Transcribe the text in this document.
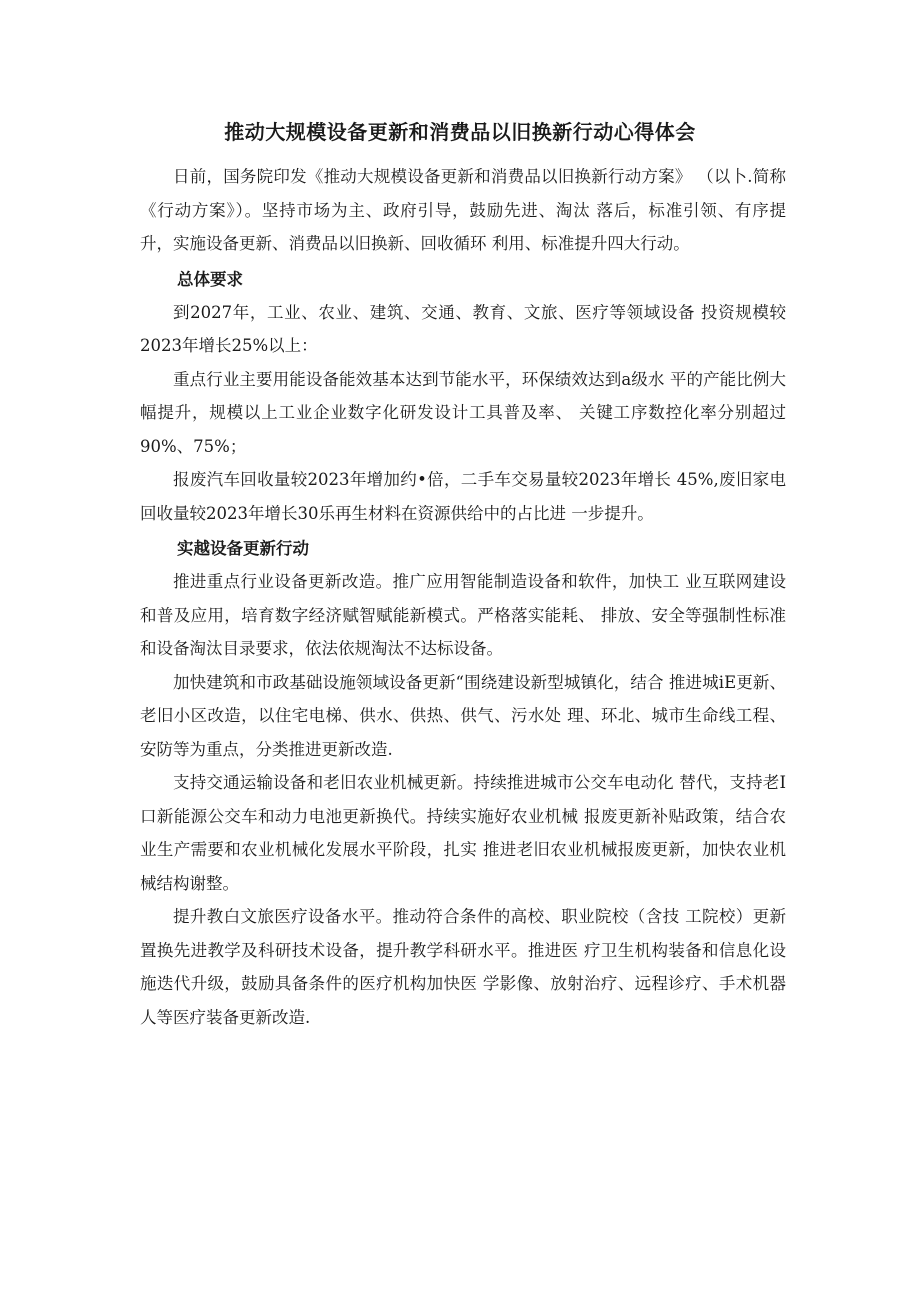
推动大规模设备更新和消费品以旧换新行动心得体会

日前，国务院印发《推动大规模设备更新和消费品以旧换新行动方案》 （以卜.简称《行动方案》）。坚持市场为主、政府引导，鼓励先进、淘汰 落后，标准引领、有序提升，实施设备更新、消费品以旧换新、回收循环 利用、标准提升四大行动。

总体要求

到2027年，工业、农业、建筑、交通、教育、文旅、医疗等领域设备 投资规模较2023年增长25%以上：

重点行业主要用能设备能效基本达到节能水平，环保绩效达到a级水 平的产能比例大幅提升，规模以上工业企业数字化研发设计工具普及率、 关键工序数控化率分别超过90%、75%；

报废汽车回收量较2023年增加约•倍，二手车交易量较2023年增长 45%,废旧家电回收量较2023年增长30乐再生材料在资源供给中的占比进 一步提升。

实越设备更新行动

推进重点行业设备更新改造。推广应用智能制造设备和软件，加快工 业互联网建设和普及应用，培育数字经济赋智赋能新模式。严格落实能耗、 排放、安全等强制性标准和设备淘汰目录要求，依法依规淘汰不达标设备。

加快建筑和市政基础设施领域设备更新“围绕建设新型城镇化，结合 推进城iE更新、老旧小区改造，以住宅电梯、供水、供热、供气、污水处 理、环北、城市生命线工程、安防等为重点，分类推进更新改造.

支持交通运输设备和老旧农业机械更新。持续推进城市公交车电动化 替代，支持老I口新能源公交车和动力电池更新换代。持续实施好农业机械 报废更新补贴政策，结合农业生产需要和农业机械化发展水平阶段，扎实 推进老旧农业机械报废更新，加快农业机械结构谢整。

提升教白文旅医疗设备水平。推动符合条件的高校、职业院校（含技 工院校）更新置换先进教学及科研技术设备，提升教学科研水平。推进医 疗卫生机构装备和信息化设施迭代升级，鼓励具备条件的医疗机构加快医 学影像、放射治疗、远程诊疗、手术机器人等医疗装备更新改造.
